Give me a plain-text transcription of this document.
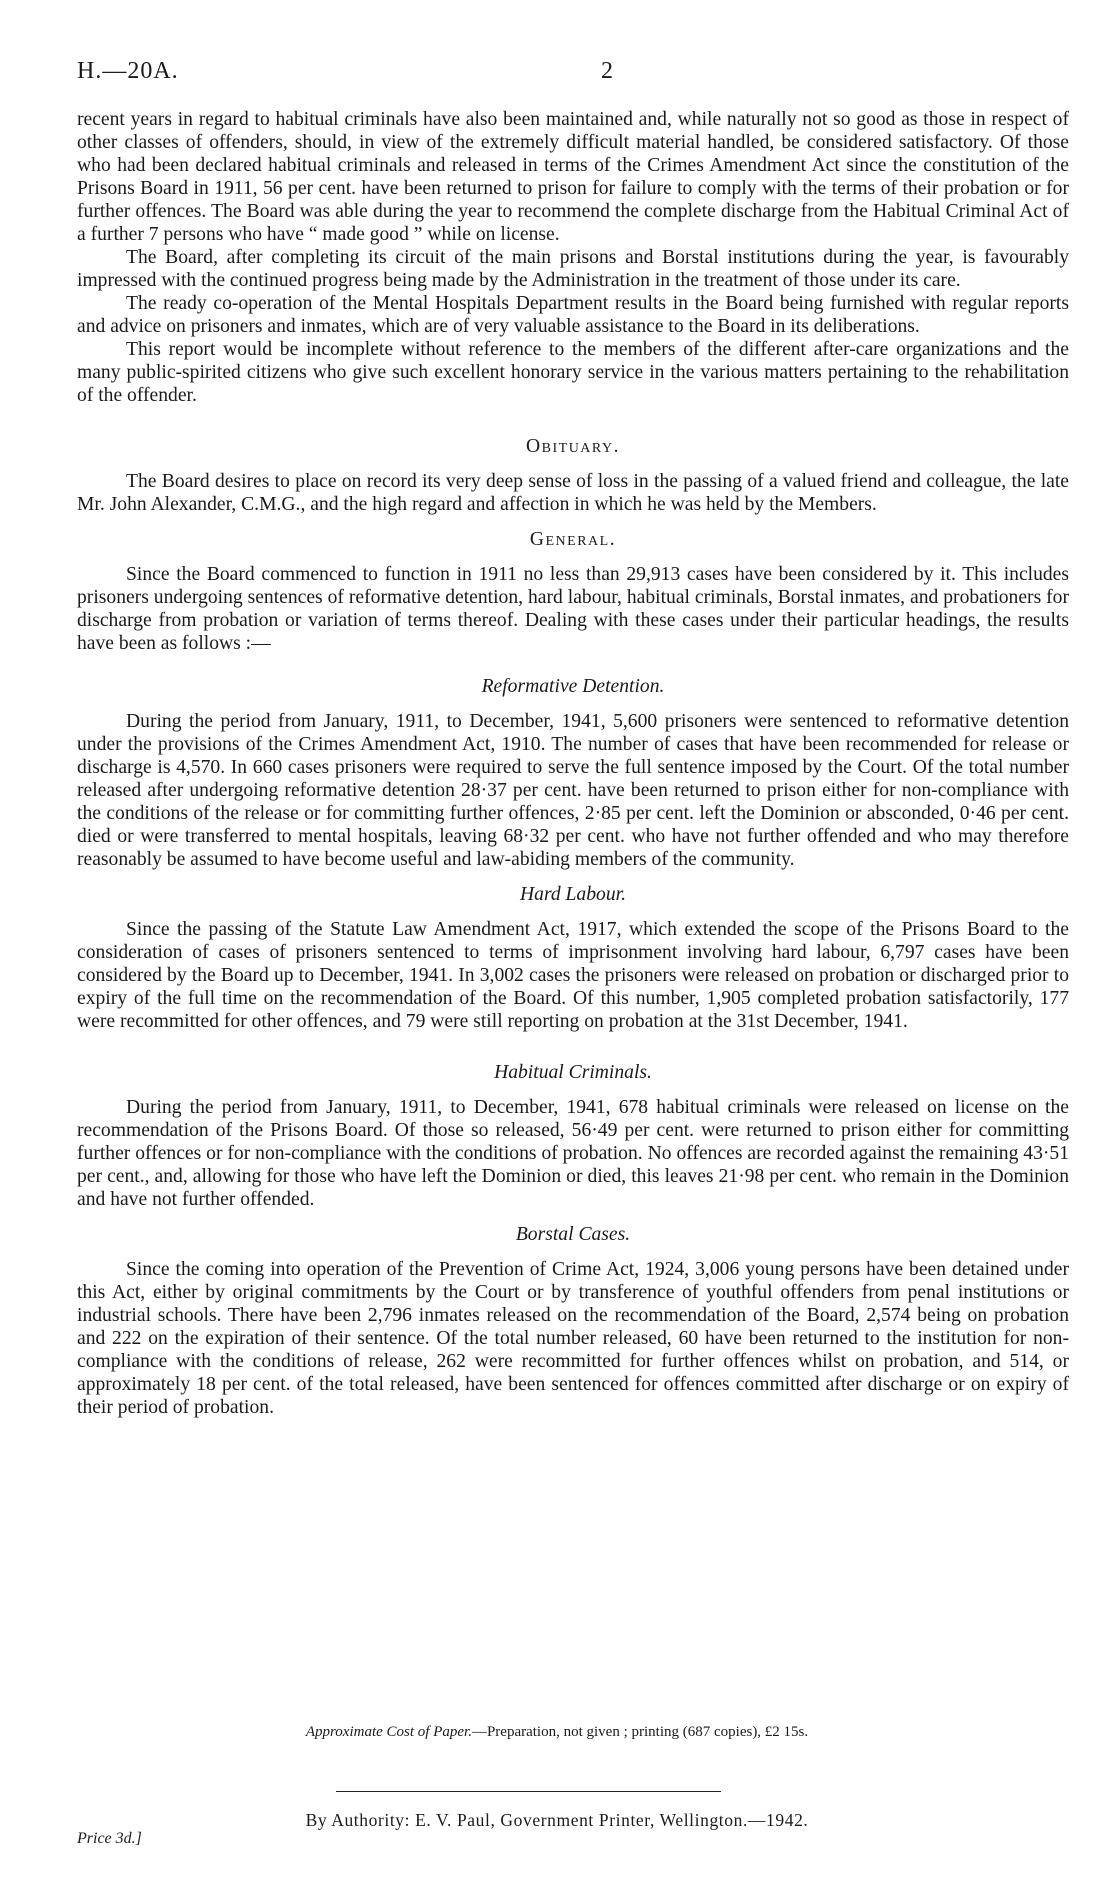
H.—20A.	2

recent years in regard to habitual criminals have also been maintained and, while naturally not so good as those in respect of other classes of offenders, should, in view of the extremely difficult material handled, be considered satisfactory. Of those who had been declared habitual criminals and released in terms of the Crimes Amendment Act since the constitution of the Prisons Board in 1911, 56 per cent. have been returned to prison for failure to comply with the terms of their probation or for further offences. The Board was able during the year to recommend the complete discharge from the Habitual Criminal Act of a further 7 persons who have “ made good ” while on license.

The Board, after completing its circuit of the main prisons and Borstal institutions during the year, is favourably impressed with the continued progress being made by the Administration in the treatment of those under its care.

The ready co-operation of the Mental Hospitals Department results in the Board being furnished with regular reports and advice on prisoners and inmates, which are of very valuable assistance to the Board in its deliberations.

This report would be incomplete without reference to the members of the different after-care organizations and the many public-spirited citizens who give such excellent honorary service in the various matters pertaining to the rehabilitation of the offender.

Obituary.

The Board desires to place on record its very deep sense of loss in the passing of a valued friend and colleague, the late Mr. John Alexander, C.M.G., and the high regard and affection in which he was held by the Members.

General.

Since the Board commenced to function in 1911 no less than 29,913 cases have been considered by it. This includes prisoners undergoing sentences of reformative detention, hard labour, habitual criminals, Borstal inmates, and probationers for discharge from probation or variation of terms thereof. Dealing with these cases under their particular headings, the results have been as follows :—

Reformative Detention.

During the period from January, 1911, to December, 1941, 5,600 prisoners were sentenced to reformative detention under the provisions of the Crimes Amendment Act, 1910. The number of cases that have been recommended for release or discharge is 4,570. In 660 cases prisoners were required to serve the full sentence imposed by the Court. Of the total number released after undergoing reformative detention 28·37 per cent. have been returned to prison either for non-compliance with the conditions of the release or for committing further offences, 2·85 per cent. left the Dominion or absconded, 0·46 per cent. died or were transferred to mental hospitals, leaving 68·32 per cent. who have not further offended and who may therefore reasonably be assumed to have become useful and law-abiding members of the community.

Hard Labour.

Since the passing of the Statute Law Amendment Act, 1917, which extended the scope of the Prisons Board to the consideration of cases of prisoners sentenced to terms of imprisonment involving hard labour, 6,797 cases have been considered by the Board up to December, 1941. In 3,002 cases the prisoners were released on probation or discharged prior to expiry of the full time on the recommendation of the Board. Of this number, 1,905 completed probation satisfactorily, 177 were recommitted for other offences, and 79 were still reporting on probation at the 31st December, 1941.

Habitual Criminals.

During the period from January, 1911, to December, 1941, 678 habitual criminals were released on license on the recommendation of the Prisons Board. Of those so released, 56·49 per cent. were returned to prison either for committing further offences or for non-compliance with the conditions of probation. No offences are recorded against the remaining 43·51 per cent., and, allowing for those who have left the Dominion or died, this leaves 21·98 per cent. who remain in the Dominion and have not further offended.

Borstal Cases.

Since the coming into operation of the Prevention of Crime Act, 1924, 3,006 young persons have been detained under this Act, either by original commitments by the Court or by transference of youthful offenders from penal institutions or industrial schools. There have been 2,796 inmates released on the recommendation of the Board, 2,574 being on probation and 222 on the expiration of their sentence. Of the total number released, 60 have been returned to the institution for non-compliance with the conditions of release, 262 were recommitted for further offences whilst on probation, and 514, or approximately 18 per cent. of the total released, have been sentenced for offences committed after discharge or on expiry of their period of probation.

Approximate Cost of Paper.—Preparation, not given ; printing (687 copies), £2 15s.
By Authority: E. V. Paul, Government Printer, Wellington.—1942.
Price 3d.]
